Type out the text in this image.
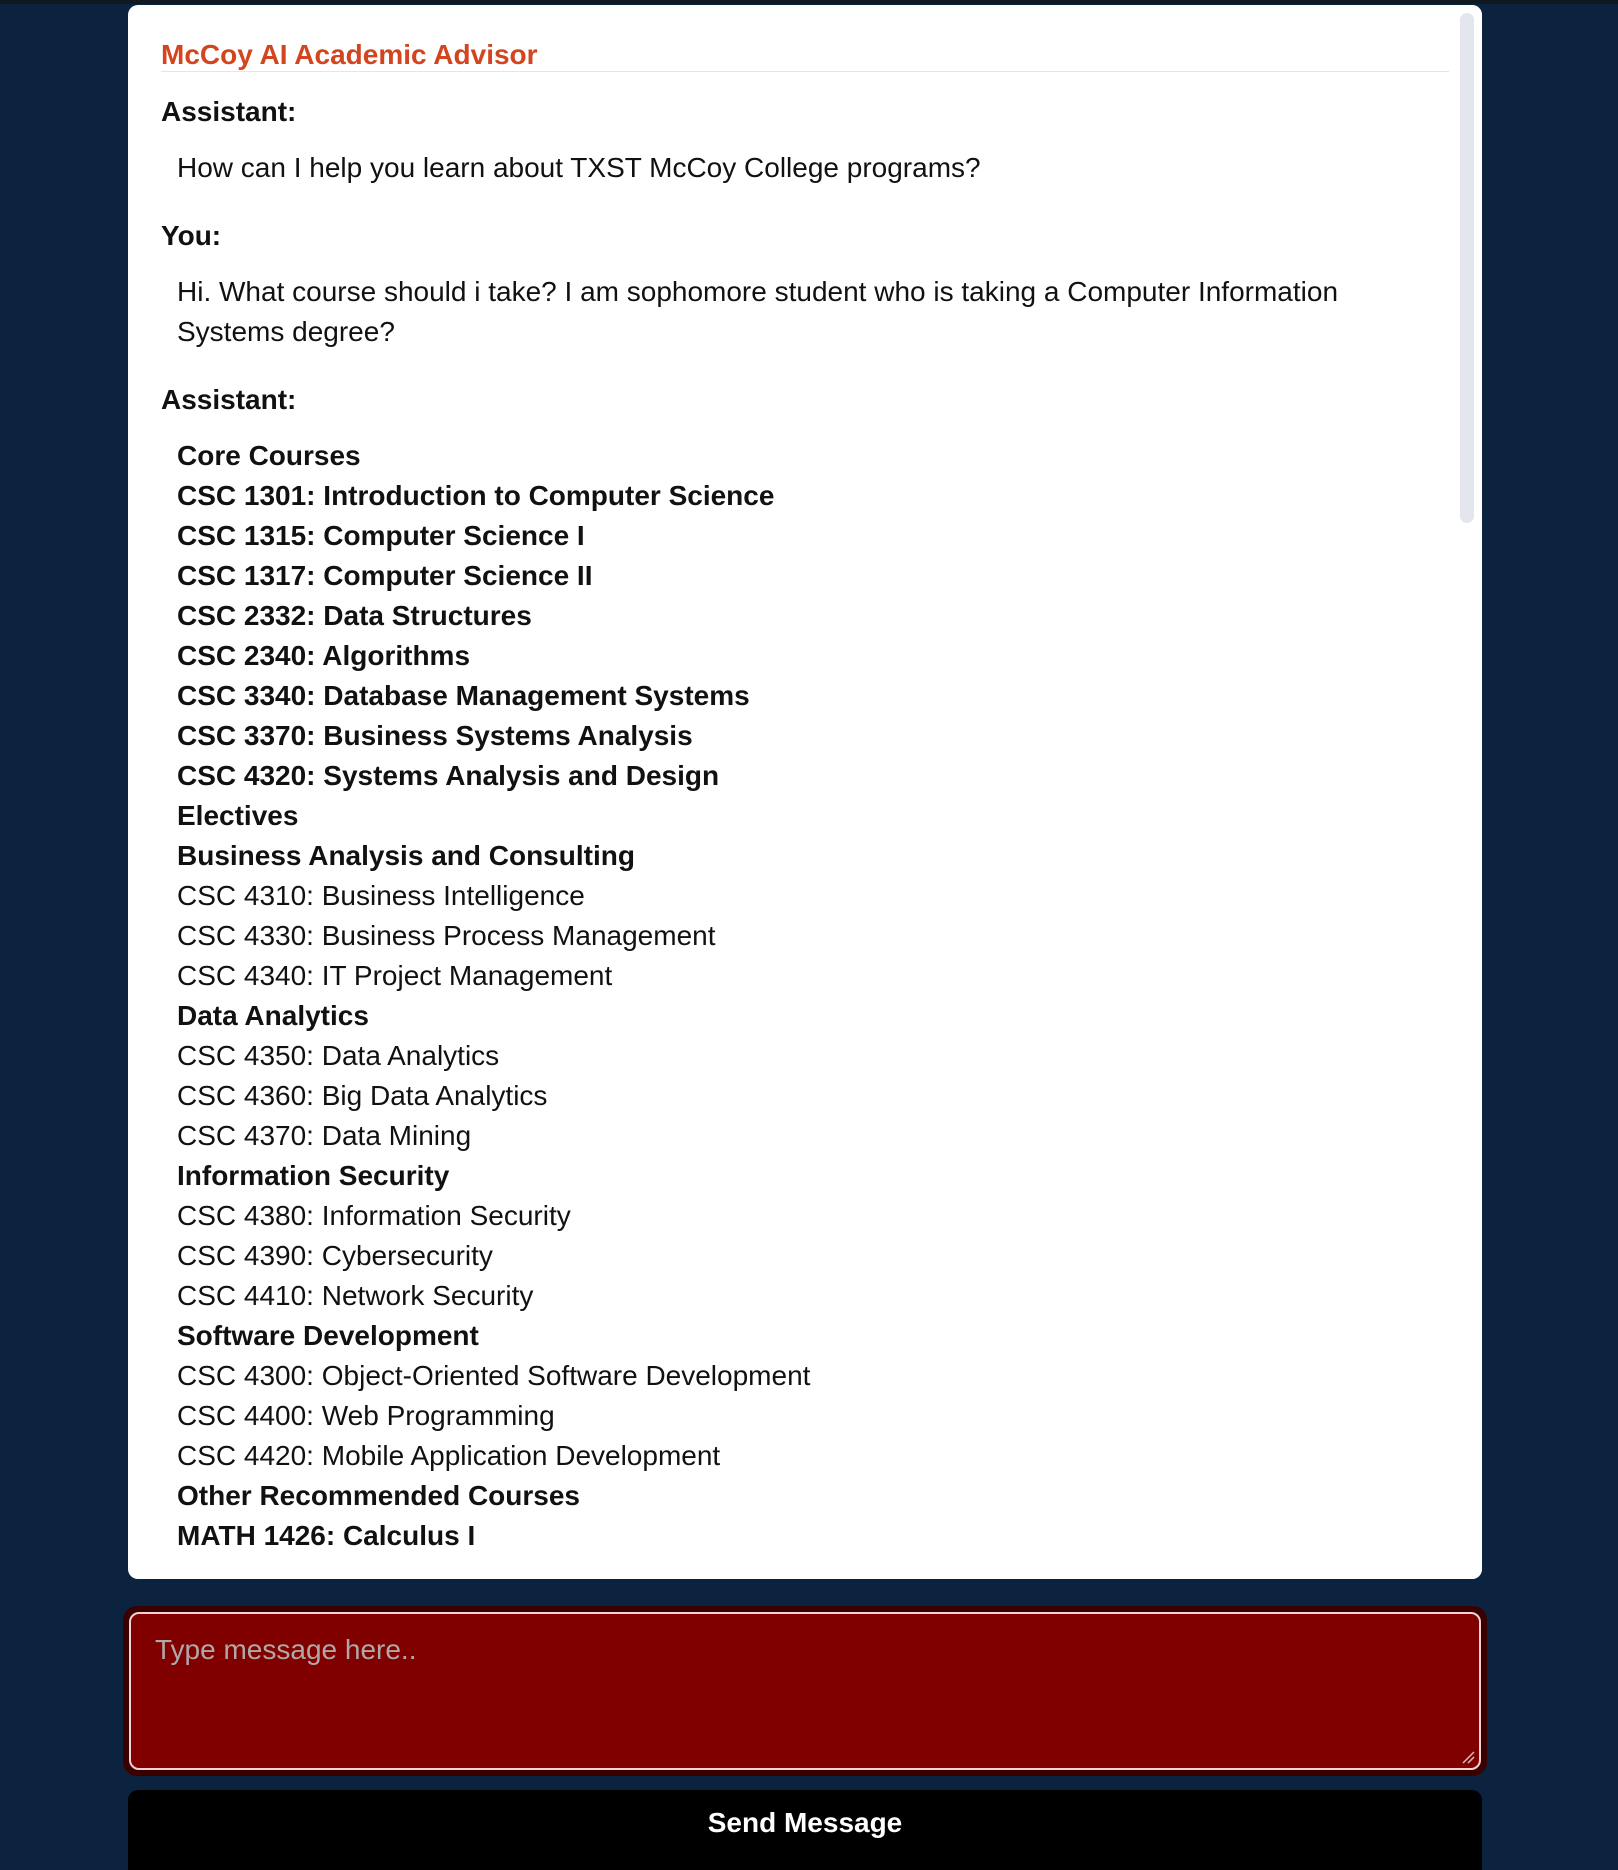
McCoy AI Academic Advisor
Assistant:
How can I help you learn about TXST McCoy College programs?
You:
Hi. What course should i take? I am sophomore student who is taking a Computer Information Systems degree?
Assistant:
Core Courses
CSC 1301: Introduction to Computer Science
CSC 1315: Computer Science I
CSC 1317: Computer Science II
CSC 2332: Data Structures
CSC 2340: Algorithms
CSC 3340: Database Management Systems
CSC 3370: Business Systems Analysis
CSC 4320: Systems Analysis and Design
Electives
Business Analysis and Consulting
CSC 4310: Business Intelligence
CSC 4330: Business Process Management
CSC 4340: IT Project Management
Data Analytics
CSC 4350: Data Analytics
CSC 4360: Big Data Analytics
CSC 4370: Data Mining
Information Security
CSC 4380: Information Security
CSC 4390: Cybersecurity
CSC 4410: Network Security
Software Development
CSC 4300: Object-Oriented Software Development
CSC 4400: Web Programming
CSC 4420: Mobile Application Development
Other Recommended Courses
MATH 1426: Calculus I
Type message here..
Send Message
